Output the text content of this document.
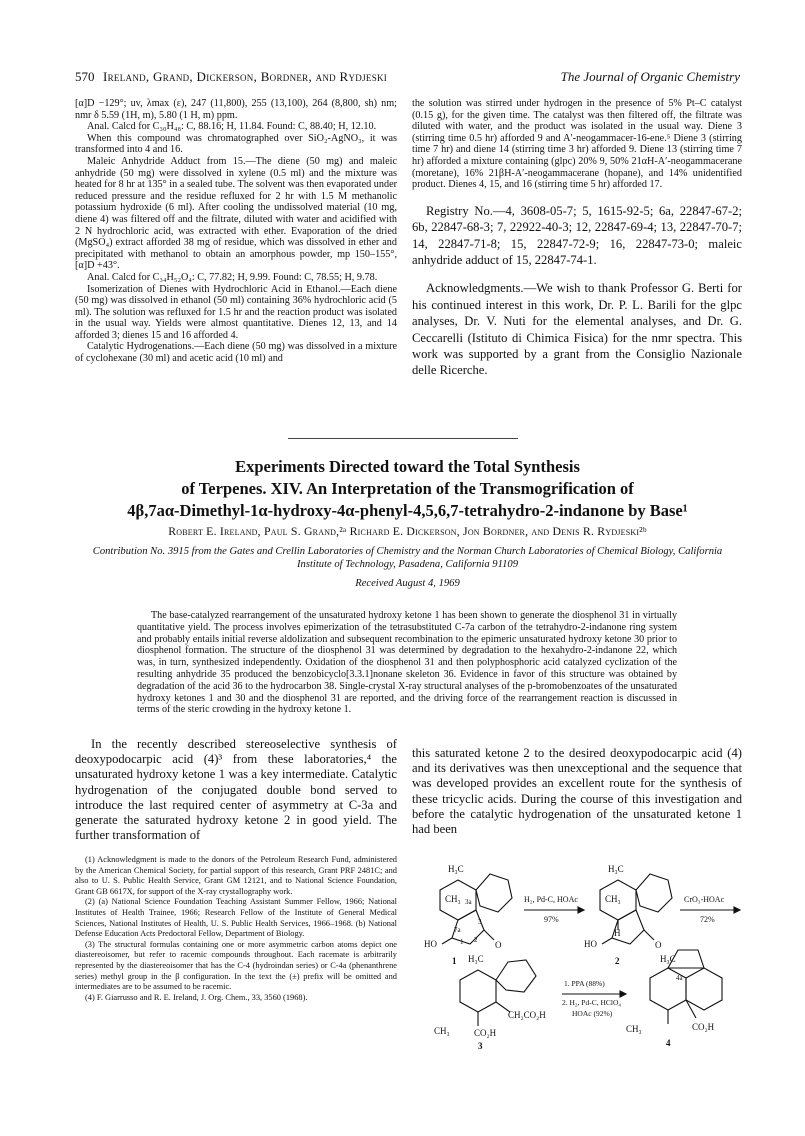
570 Ireland, Grand, Dickerson, Bordner, and Rydjeski	The Journal of Organic Chemistry

[α]D −129°; uv, λmax (ε), 247 (11,800), 255 (13,100), 264 (8,800, sh) nm; nmr δ 5.59 (1H, m), 5.80 (1 H, m) ppm.

Anal. Calcd for C₃₀H₄₈: C, 88.16; H, 11.84. Found: C, 88.40; H, 12.10.

When this compound was chromatographed over SiO₂-AgNO₃, it was transformed into 4 and 16.

Maleic Anhydride Adduct from 15.—The diene (50 mg) and maleic anhydride (50 mg) were dissolved in xylene (0.5 ml) and the mixture was heated for 8 hr at 135° in a sealed tube. The solvent was then evaporated under reduced pressure and the residue refluxed for 2 hr with 1.5 M methanolic potassium hydroxide (6 ml). After cooling the undissolved material (10 mg, diene 4) was filtered off and the filtrate, diluted with water and acidified with 2 N hydrochloric acid, was extracted with ether. Evaporation of the dried (MgSO₄) extract afforded 38 mg of residue, which was dissolved in ether and precipitated with methanol to obtain an amorphous powder, mp 150–155°, [α]D +43°.

Anal. Calcd for C₃₄H₅₂O₄: C, 77.82; H, 9.99. Found: C, 78.55; H, 9.78.

Isomerization of Dienes with Hydrochloric Acid in Ethanol.—Each diene (50 mg) was dissolved in ethanol (50 ml) containing 36% hydrochloric acid (5 ml). The solution was refluxed for 1.5 hr and the reaction product was isolated in the usual way. Yields were almost quantitative. Dienes 12, 13, and 14 afforded 3; dienes 15 and 16 afforded 4.

Catalytic Hydrogenations.—Each diene (50 mg) was dissolved in a mixture of cyclohexane (30 ml) and acetic acid (10 ml) and

the solution was stirred under hydrogen in the presence of 5% Pt–C catalyst (0.15 g), for the given time. The catalyst was then filtered off, the filtrate was diluted with water, and the product was isolated in the usual way. Diene 3 (stirring time 0.5 hr) afforded 9 and A′-neogammacer-16-ene.⁵ Diene 3 (stirring time 7 hr) and diene 14 (stirring time 3 hr) afforded 9. Diene 13 (stirring time 7 hr) afforded a mixture containing (glpc) 20% 9, 50% 21αH-A′-neogammacerane (moretane), 16% 21βH-A′-neogammacerane (hopane), and 14% unidentified product. Dienes 4, 15, and 16 (stirring time 5 hr) afforded 17.

Registry No.—4, 3608-05-7; 5, 1615-92-5; 6a, 22847-67-2; 6b, 22847-68-3; 7, 22922-40-3; 12, 22847-69-4; 13, 22847-70-7; 14, 22847-71-8; 15, 22847-72-9; 16, 22847-73-0; maleic anhydride adduct of 15, 22847-74-1.

Acknowledgments.—We wish to thank Professor G. Berti for his continued interest in this work, Dr. P. L. Barili for the glpc analyses, Dr. V. Nuti for the elemental analyses, and Dr. G. Ceccarelli (Istituto di Chimica Fisica) for the nmr spectra. This work was supported by a grant from the Consiglio Nazionale delle Ricerche.

Experiments Directed toward the Total Synthesis
of Terpenes. XIV. An Interpretation of the Transmogrification of
4β,7aα-Dimethyl-1α-hydroxy-4α-phenyl-4,5,6,7-tetrahydro-2-indanone by Base¹
Robert E. Ireland, Paul S. Grand,²ᵃ Richard E. Dickerson, Jon Bordner, and Denis R. Rydjeski²ᵇ
Contribution No. 3915 from the Gates and Crellin Laboratories of Chemistry and the Norman Church Laboratories of Chemical Biology, California Institute of Technology, Pasadena, California 91109
Received August 4, 1969

The base-catalyzed rearrangement of the unsaturated hydroxy ketone 1 has been shown to generate the diosphenol 31 in virtually quantitative yield. The process involves epimerization of the tetrasubstituted C-7a carbon of the tetrahydro-2-indanone ring system and probably entails initial reverse aldolization and subsequent recombination to the epimeric unsaturated hydroxy ketone 30 prior to diosphenol formation. The structure of the diosphenol 31 was determined by degradation to the hexahydro-2-indanone 22, which was, in turn, synthesized independently. Oxidation of the diosphenol 31 and then polyphosphoric acid catalyzed cyclization of the resulting anhydride 35 produced the benzobicyclo[3.3.1]nonane skeleton 36. Evidence in favor of this structure was obtained by degradation of the acid 36 to the hydrocarbon 38. Single-crystal X-ray structural analyses of the p-bromobenzoates of the unsaturated hydroxy ketones 1 and 30 and the diosphenol 31 are reported, and the driving force of the rearrangement reaction is discussed in terms of the steric crowding in the hydroxy ketone 1.

In the recently described stereoselective synthesis of deoxypodocarpic acid (4)³ from these laboratories,⁴ the unsaturated hydroxy ketone 1 was a key intermediate. Catalytic hydrogenation of the conjugated double bond served to introduce the last required center of asymmetry at C-3a and generate the saturated hydroxy ketone 2 in good yield. The further transformation of

this saturated ketone 2 to the desired deoxypodocarpic acid (4) and its derivatives was then unexceptional and the sequence that was developed provides an excellent route for the synthesis of these tricyclic acids. During the course of this investigation and before the catalytic hydrogenation of the unsaturated ketone 1 had been

(1) Acknowledgment is made to the donors of the Petroleum Research Fund, administered by the American Chemical Society, for partial support of this research, Grant PRF 2481C; and also to U. S. Public Health Service, Grant GM 12121, and to National Science Foundation, Grant GB 6617X, for support of the X-ray crystallography work.

(2) (a) National Science Foundation Teaching Assistant Summer Fellow, 1966; National Institutes of Health Trainee, 1966; Research Fellow of the Institute of General Medical Sciences, National Institutes of Health, U. S. Public Health Services, 1966–1968. (b) National Defense Education Acts Predoctoral Fellow, Department of Biology.

(3) The structural formulas containing one or more asymmetric carbon atoms depict one diastereoisomer, but refer to racemic compounds throughout. Each racemate is arbitrarily represented by the diastereoisomer that has the C-4 (hydroindan series) or C-4a (phenanthrene series) methyl group in the β configuration. In the text the (±) prefix will be omitted and intermediates are to be assumed to be racemic.

(4) F. Giarrusso and R. E. Ireland, J. Org. Chem., 33, 3560 (1968).

H₃C
CH₃ 3a
7a
2
3
1
HO	O
1
H₂, Pd-C, HOAc
97%
H₃C
CH₃
H
HO	O
2
CrO₃-HOAc
72%
H₃C
CH₂CO₂H
CH₃	CO₂H
3
1. PPA (88%)
2. H₂, Pd-C, HClO₄
HOAc (92%)
H₃C
4a
CH₃	CO₂H
4
